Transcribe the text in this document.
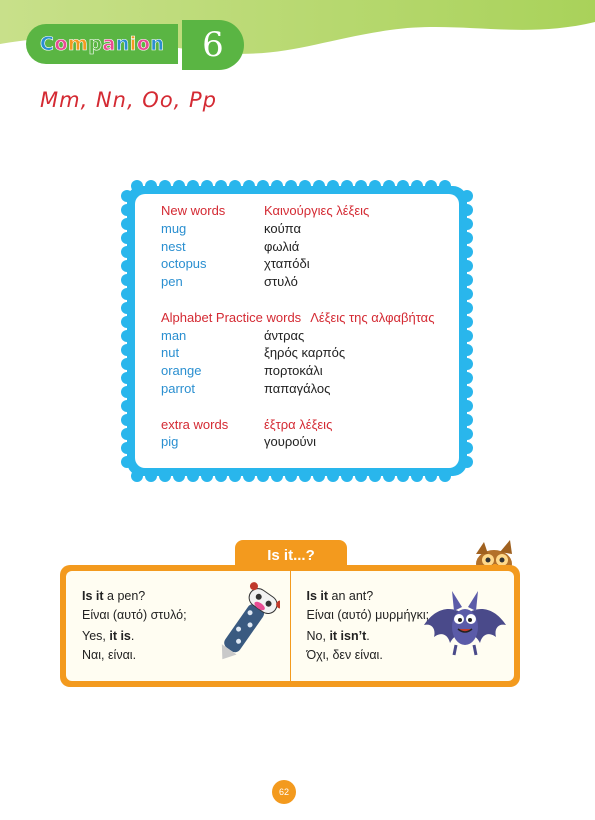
Companion 6
Mm, Nn, Oo, Pp
New words	Καινούργιες λέξεις
mug	κούπα
nest	φωλιά
octopus	χταπόδι
pen	στυλό
Alphabet Practice words Λέξεις της αλφαβήτας
man	άντρας
nut	ξηρός καρπός
orange	πορτοκάλι
parrot	παπαγάλος
extra words	έξτρα λέξεις
pig	γουρούνι
Is it...?
Is it a pen?
Είναι (αυτό) στυλό;
Yes, it is.
Ναι, είναι.
Is it an ant?
Είναι (αυτό) μυρμήγκι;
No, it isn’t.
Όχι, δεν είναι.
62
